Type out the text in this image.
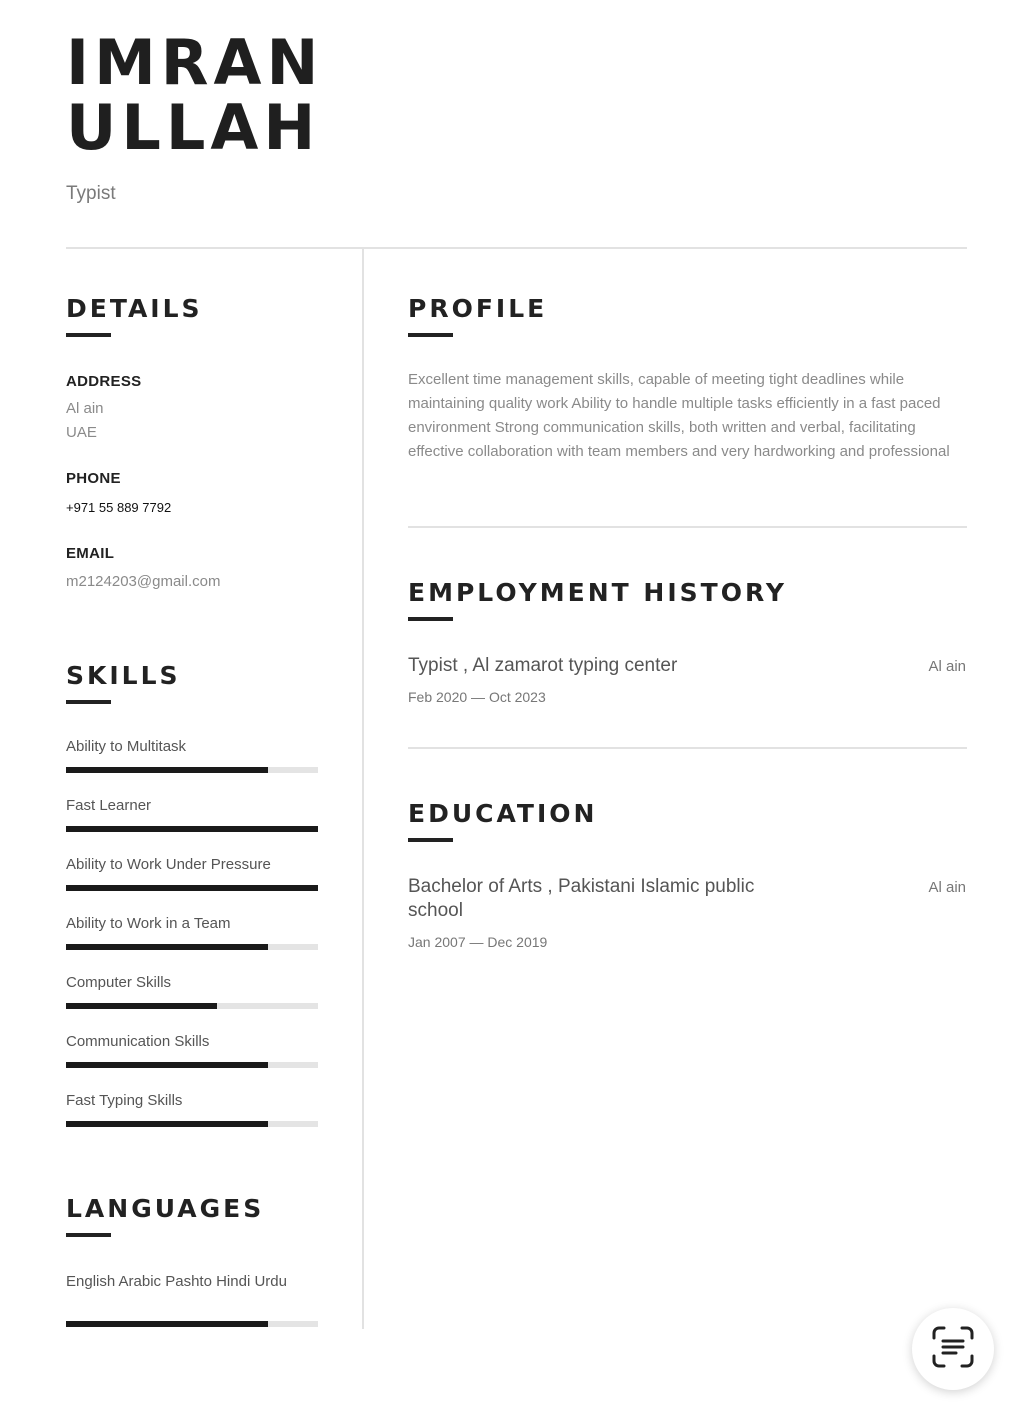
IMRAN
ULLAH
Typist
DETAILS
ADDRESS
Al ain
UAE
PHONE
+971 55 889 7792
EMAIL
m2124203@gmail.com
SKILLS
Ability to Multitask
Fast Learner
Ability to Work Under Pressure
Ability to Work in a Team
Computer Skills
Communication Skills
Fast Typing Skills
LANGUAGES
English Arabic Pashto Hindi Urdu
PROFILE
Excellent time management skills, capable of meeting tight deadlines while maintaining quality work Ability to handle multiple tasks efficiently in a fast paced environment Strong communication skills, both written and verbal, facilitating effective collaboration with team members and very hardworking and professional
EMPLOYMENT HISTORY
Typist , Al zamarot typing center	Al ain
Feb 2020 — Oct 2023
EDUCATION
Bachelor of Arts , Pakistani Islamic public school
Al ain
Jan 2007 — Dec 2019
